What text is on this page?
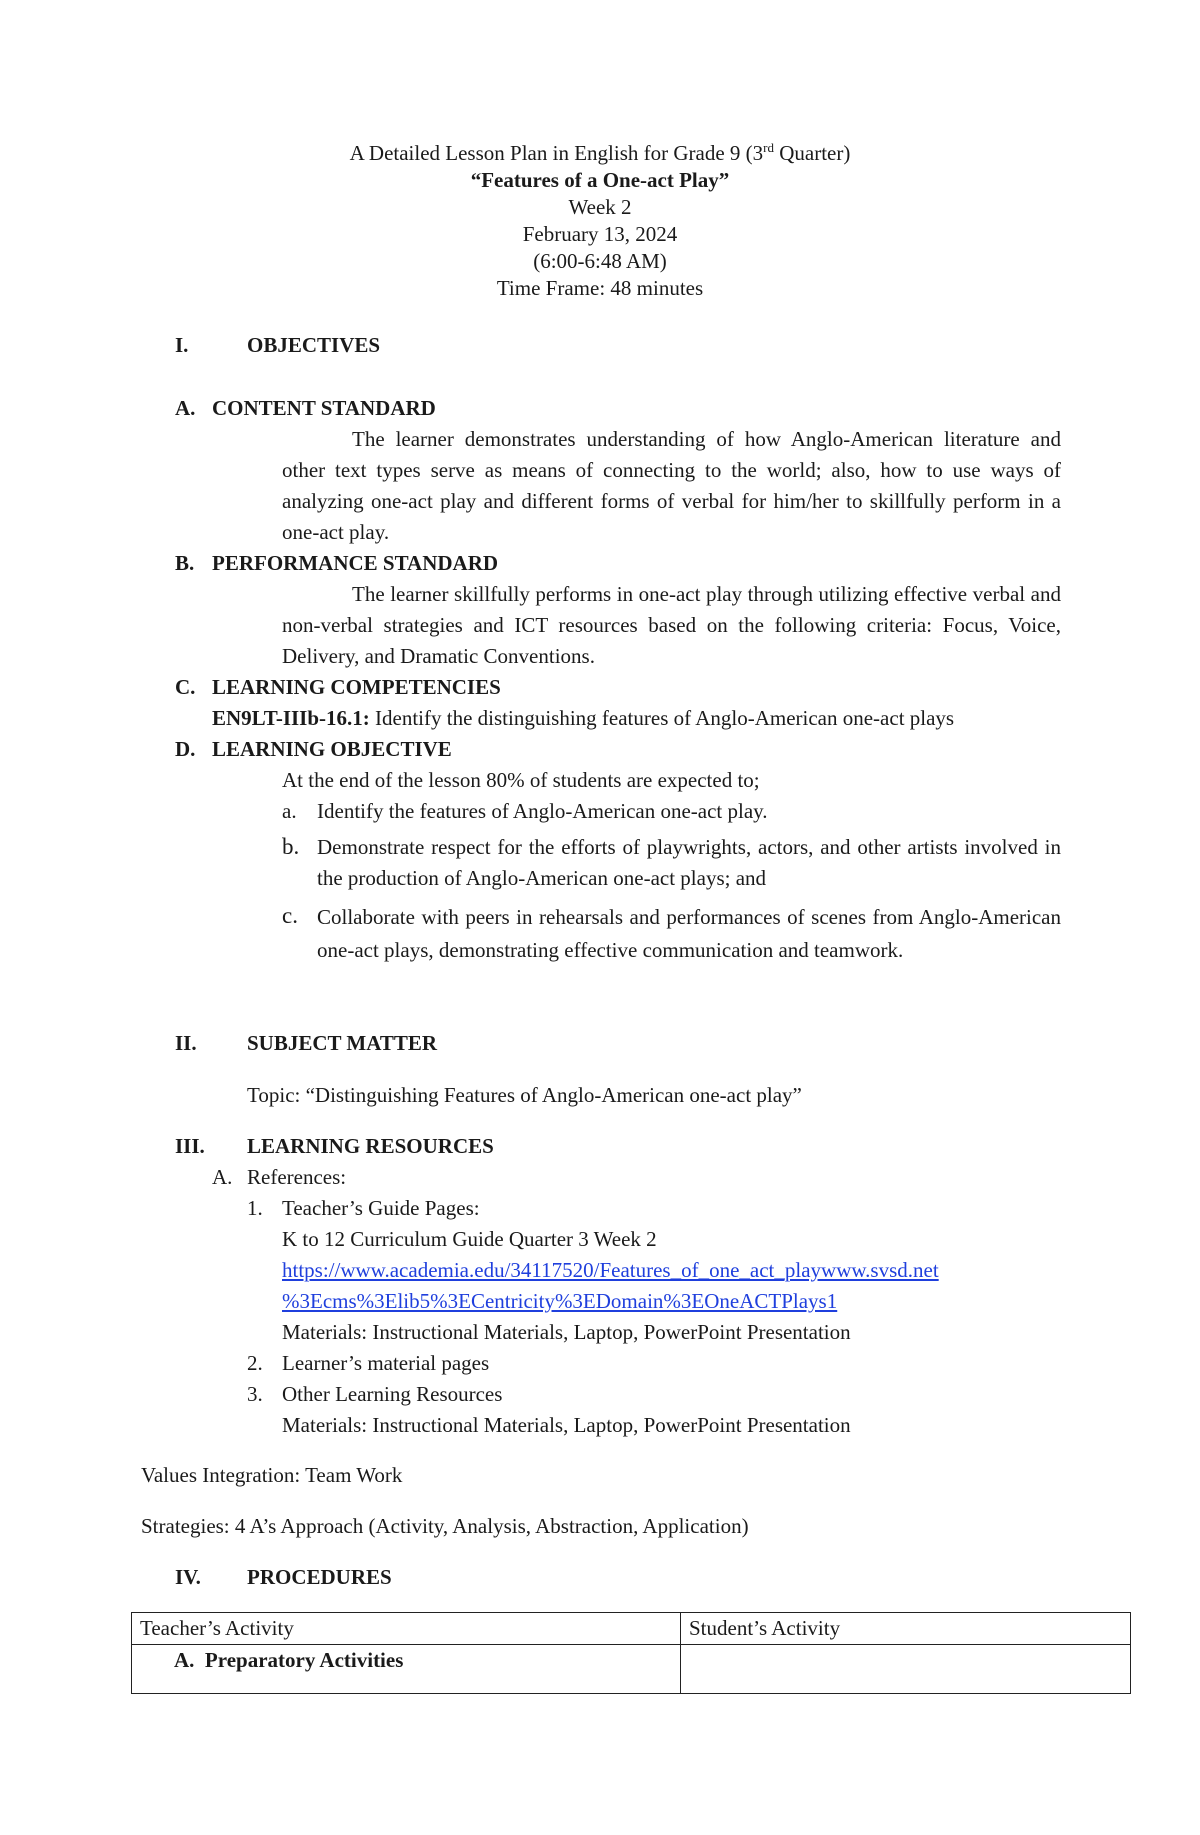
A Detailed Lesson Plan in English for Grade 9 (3rd Quarter)
“Features of a One-act Play”
Week 2
February 13, 2024
(6:00-6:48 AM)
Time Frame: 48 minutes
I.	OBJECTIVES
A. CONTENT STANDARD
The learner demonstrates understanding of how Anglo-American literature and other text types serve as means of connecting to the world; also, how to use ways of analyzing one-act play and different forms of verbal for him/her to skillfully perform in a one-act play.
B. PERFORMANCE STANDARD
The learner skillfully performs in one-act play through utilizing effective verbal and non-verbal strategies and ICT resources based on the following criteria: Focus, Voice, Delivery, and Dramatic Conventions.
C. LEARNING COMPETENCIES
EN9LT-IIIb-16.1: Identify the distinguishing features of Anglo-American one-act plays
D. LEARNING OBJECTIVE
At the end of the lesson 80% of students are expected to;
a. Identify the features of Anglo-American one-act play.
b. Demonstrate respect for the efforts of playwrights, actors, and other artists involved in the production of Anglo-American one-act plays; and
c. Collaborate with peers in rehearsals and performances of scenes from Anglo-American one-act plays, demonstrating effective communication and teamwork.
II. SUBJECT MATTER
Topic: “Distinguishing Features of Anglo-American one-act play”
III. LEARNING RESOURCES
A. References:
1. Teacher’s Guide Pages:
K to 12 Curriculum Guide Quarter 3 Week 2
https://www.academia.edu/34117520/Features_of_one_act_playwww.svsd.net
%3Ecms%3Elib5%3ECentricity%3EDomain%3EOneACTPlays1
Materials: Instructional Materials, Laptop, PowerPoint Presentation
2. Learner’s material pages
3. Other Learning Resources
Materials: Instructional Materials, Laptop, PowerPoint Presentation
Values Integration: Team Work
Strategies: 4 A’s Approach (Activity, Analysis, Abstraction, Application)
IV. PROCEDURES
Teacher’s Activity	Student’s Activity
A. Preparatory Activities	
